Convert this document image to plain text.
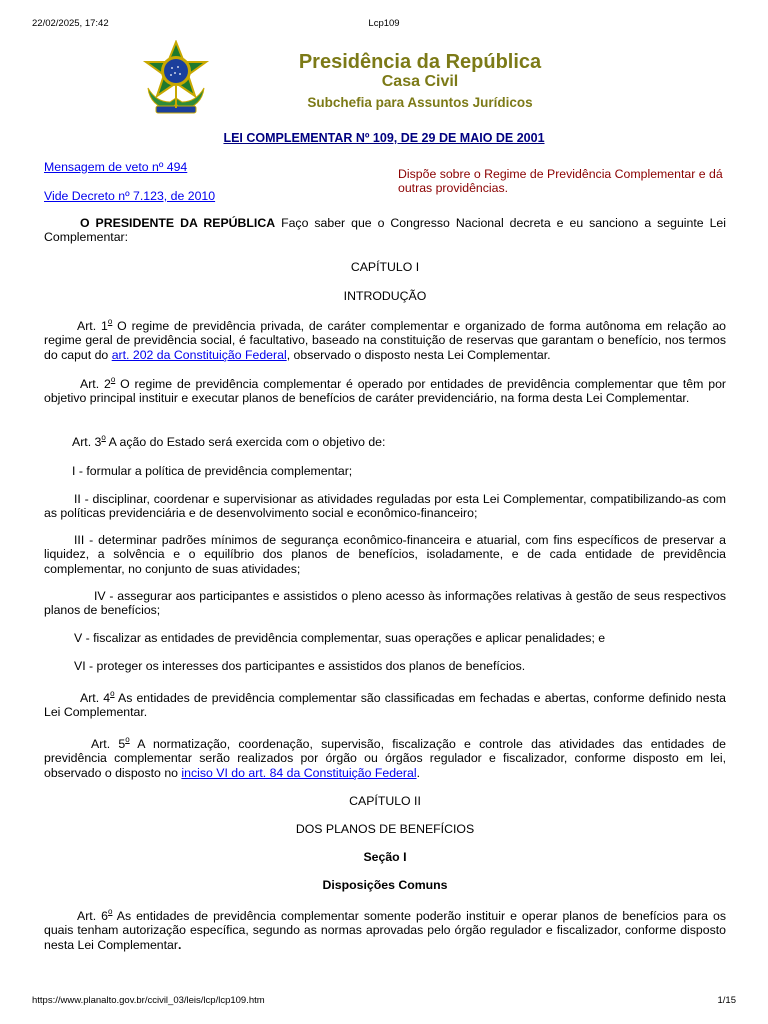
22/02/2025, 17:42	Lcp109
Presidência da República
Casa Civil
Subchefia para Assuntos Jurídicos
LEI COMPLEMENTAR Nº 109, DE 29 DE MAIO DE 2001
Mensagem de veto nº 494
Vide Decreto nº 7.123, de 2010
Dispõe sobre o Regime de Previdência Complementar e dá outras providências.
O PRESIDENTE DA REPÚBLICA Faço saber que o Congresso Nacional decreta e eu sanciono a seguinte Lei Complementar:
CAPÍTULO I
INTRODUÇÃO
Art. 1$^o$ O regime de previdência privada, de caráter complementar e organizado de forma autônoma em relação ao regime geral de previdência social, é facultativo, baseado na constituição de reservas que garantam o benefício, nos termos do caput do art. 202 da Constituição Federal, observado o disposto nesta Lei Complementar.
Art. 2$^o$ O regime de previdência complementar é operado por entidades de previdência complementar que têm por objetivo principal instituir e executar planos de benefícios de caráter previdenciário, na forma desta Lei Complementar.
Art. 3$^o$ A ação do Estado será exercida com o objetivo de:
I - formular a política de previdência complementar;
II - disciplinar, coordenar e supervisionar as atividades reguladas por esta Lei Complementar, compatibilizando-as com as políticas previdenciária e de desenvolvimento social e econômico-financeiro;
III - determinar padrões mínimos de segurança econômico-financeira e atuarial, com fins específicos de preservar a liquidez, a solvência e o equilíbrio dos planos de benefícios, isoladamente, e de cada entidade de previdência complementar, no conjunto de suas atividades;
IV - assegurar aos participantes e assistidos o pleno acesso às informações relativas à gestão de seus respectivos planos de benefícios;
V - fiscalizar as entidades de previdência complementar, suas operações e aplicar penalidades; e
VI - proteger os interesses dos participantes e assistidos dos planos de benefícios.
Art. 4$^o$ As entidades de previdência complementar são classificadas em fechadas e abertas, conforme definido nesta Lei Complementar.
Art. 5$^o$ A normatização, coordenação, supervisão, fiscalização e controle das atividades das entidades de previdência complementar serão realizados por órgão ou órgãos regulador e fiscalizador, conforme disposto em lei, observado o disposto no inciso VI do art. 84 da Constituição Federal.
CAPÍTULO II
DOS PLANOS DE BENEFÍCIOS
Seção I
Disposições Comuns
Art. 6$^o$ As entidades de previdência complementar somente poderão instituir e operar planos de benefícios para os quais tenham autorização específica, segundo as normas aprovadas pelo órgão regulador e fiscalizador, conforme disposto nesta Lei Complementar.
https://www.planalto.gov.br/ccivil_03/leis/lcp/lcp109.htm	1/15
